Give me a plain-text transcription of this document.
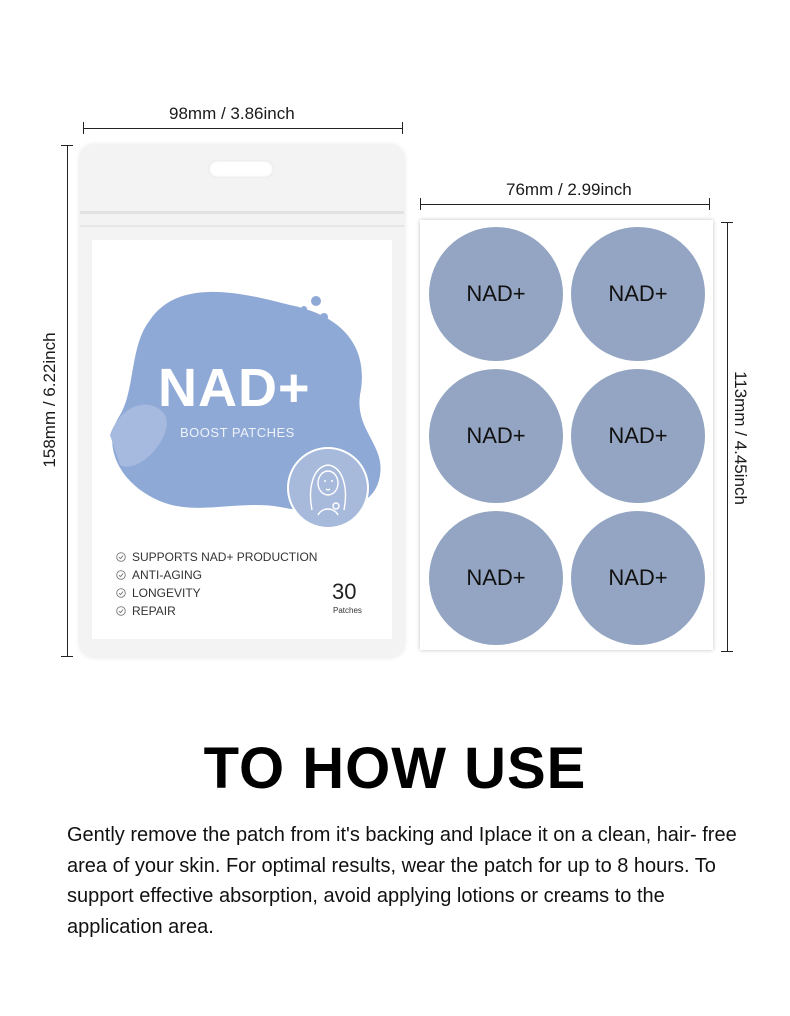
98mm / 3.86inch
158mm / 6.22inch NAD+
BOOST PATCHES
SUPPORTS NAD+ PRODUCTION
ANTI-AGING
LONGEVITY
REPAIR
30
Patches
76mm / 2.99inch
113mm / 4.45inch
NAD+	NAD+
NAD+	NAD+
NAD+	NAD+
TO HOW USE
Gently remove the patch from it's backing and Iplace it on a clean, hair- free area of your skin. For optimal results, wear the patch for up to 8 hours. To support effective absorption, avoid applying lotions or creams to the application area.
